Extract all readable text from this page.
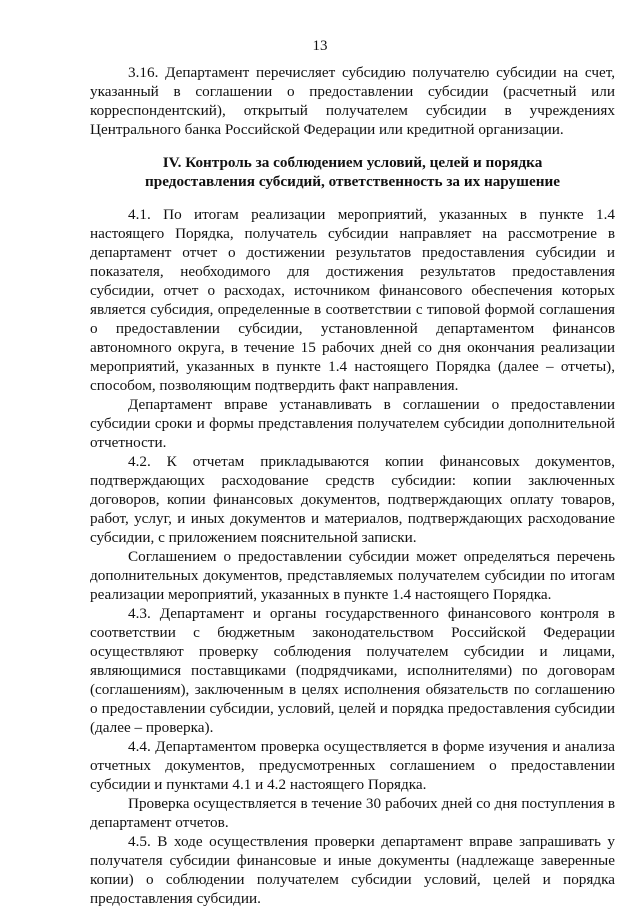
13

3.16. Департамент перечисляет субсидию получателю субсидии на счет, указанный в соглашении о предоставлении субсидии (расчетный или корреспондентский), открытый получателем субсидии в учреждениях Центрального банка Российской Федерации или кредитной организации.

IV. Контроль за соблюдением условий, целей и порядка
предоставления субсидий, ответственность за их нарушение

4.1. По итогам реализации мероприятий, указанных в пункте 1.4 настоящего Порядка, получатель субсидии направляет на рассмотрение в департамент отчет о достижении результатов предоставления субсидии и показателя, необходимого для достижения результатов предоставления субсидии, отчет о расходах, источником финансового обеспечения которых является субсидия, определенные в соответствии с типовой формой соглашения о предоставлении субсидии, установленной департаментом финансов автономного округа, в течение 15 рабочих дней со дня окончания реализации мероприятий, указанных в пункте 1.4 настоящего Порядка (далее – отчеты), способом, позволяющим подтвердить факт направления.

Департамент вправе устанавливать в соглашении о предоставлении субсидии сроки и формы представления получателем субсидии дополнительной отчетности.

4.2. К отчетам прикладываются копии финансовых документов, подтверждающих расходование средств субсидии: копии заключенных договоров, копии финансовых документов, подтверждающих оплату товаров, работ, услуг, и иных документов и материалов, подтверждающих расходование субсидии, с приложением пояснительной записки.

Соглашением о предоставлении субсидии может определяться перечень дополнительных документов, представляемых получателем субсидии по итогам реализации мероприятий, указанных в пункте 1.4 настоящего Порядка.

4.3. Департамент и органы государственного финансового контроля в соответствии с бюджетным законодательством Российской Федерации осуществляют проверку соблюдения получателем субсидии и лицами, являющимися поставщиками (подрядчиками, исполнителями) по договорам (соглашениям), заключенным в целях исполнения обязательств по соглашению о предоставлении субсидии, условий, целей и порядка предоставления субсидии (далее – проверка).

4.4. Департаментом проверка осуществляется в форме изучения и анализа отчетных документов, предусмотренных соглашением о предоставлении субсидии и пунктами 4.1 и 4.2 настоящего Порядка.

Проверка осуществляется в течение 30 рабочих дней со дня поступления в департамент отчетов.

4.5. В ходе осуществления проверки департамент вправе запрашивать у получателя субсидии финансовые и иные документы (надлежаще заверенные копии) о соблюдении получателем субсидии условий, целей и порядка предоставления субсидии.
